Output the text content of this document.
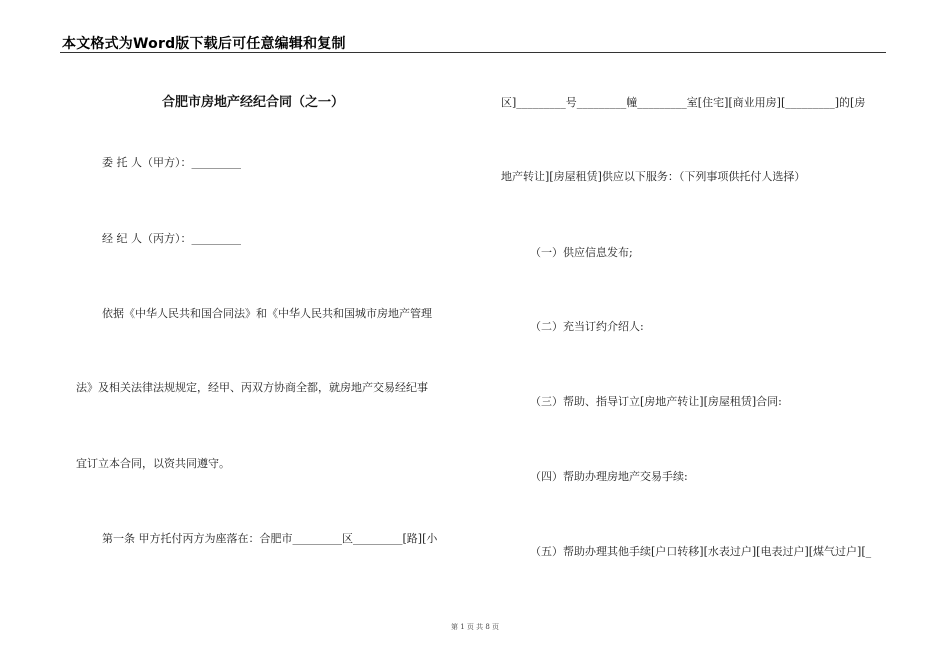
本文格式为Word版下载后可任意编辑和复制
合肥市房地产经纪合同（之一）
委 托 人（甲方）：_________
经 纪 人（丙方）：_________
依据《中华人民共和国合同法》和《中华人民共和国城市房地产管理
法》及相关法律法规规定，经甲、丙双方协商全都，就房地产交易经纪事
宜订立本合同，以资共同遵守。
第一条 甲方托付丙方为座落在：合肥市_________区_________[路][小
区]_________号_________幢_________室[住宅][商业用房][_________]的[房
地产转让][房屋租赁]供应以下服务：（下列事项供托付人选择）
（一）供应信息发布;
（二）充当订约介绍人:
（三）帮助、指导订立[房地产转让][房屋租赁]合同:
（四）帮助办理房地产交易手续:
（五）帮助办理其他手续[户口转移][水表过户][电表过户][煤气过户][_
第 1 页 共 8 页
